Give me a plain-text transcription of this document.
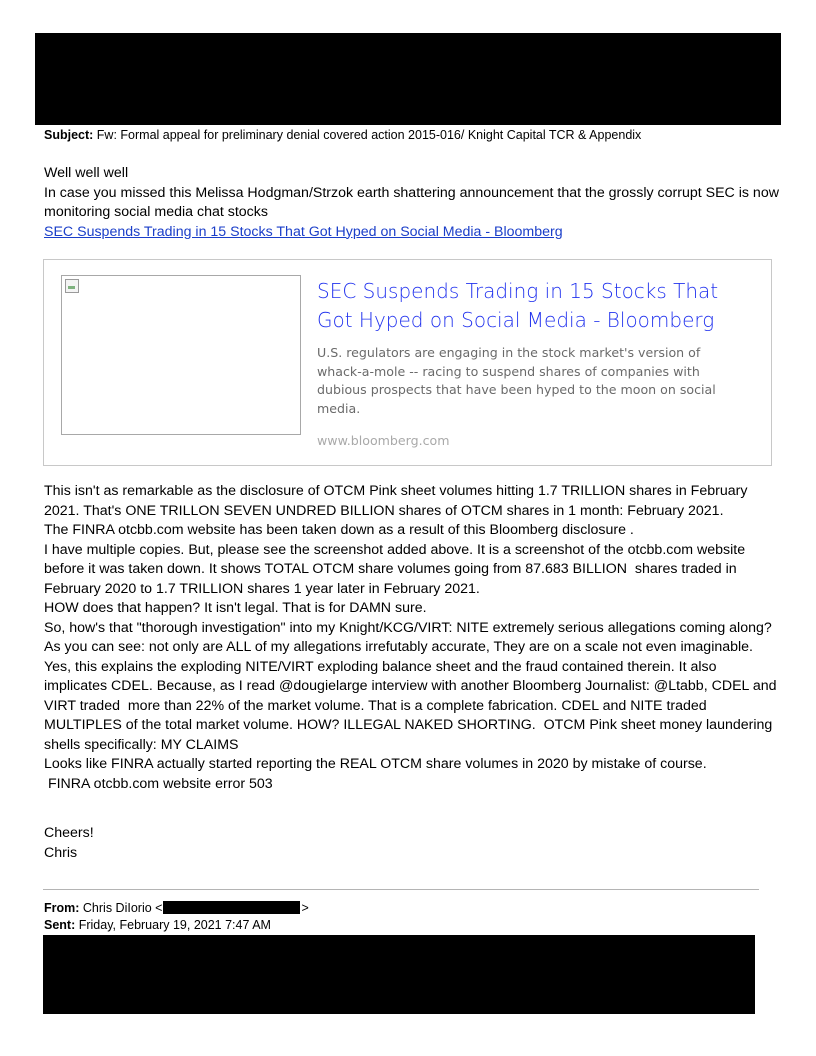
Subject: Fw: Formal appeal for preliminary denial covered action 2015-016/ Knight Capital TCR & Appendix

Well well well

In case you missed this Melissa Hodgman/Strzok earth shattering announcement that the grossly corrupt SEC is now monitoring social media chat stocks

SEC Suspends Trading in 15 Stocks That Got Hyped on Social Media - Bloomberg

SEC Suspends Trading in 15 Stocks That Got Hyped on Social Media - Bloomberg
U.S. regulators are engaging in the stock market's version of whack-a-mole -- racing to suspend shares of companies with dubious prospects that have been hyped to the moon on social media.
www.bloomberg.com

This isn't as remarkable as the disclosure of OTCM Pink sheet volumes hitting 1.7 TRILLION shares in February 2021. That's ONE TRILLON SEVEN UNDRED BILLION shares of OTCM shares in 1 month: February 2021.

The FINRA otcbb.com website has been taken down as a result of this Bloomberg disclosure .

I have multiple copies. But, please see the screenshot added above. It is a screenshot of the otcbb.com website before it was taken down. It shows TOTAL OTCM share volumes going from 87.683 BILLION  shares traded in February 2020 to 1.7 TRILLION shares 1 year later in February 2021.

HOW does that happen? It isn't legal. That is for DAMN sure.

So, how's that "thorough investigation" into my Knight/KCG/VIRT: NITE extremely serious allegations coming along? As you can see: not only are ALL of my allegations irrefutably accurate, They are on a scale not even imaginable. Yes, this explains the exploding NITE/VIRT exploding balance sheet and the fraud contained therein. It also implicates CDEL. Because, as I read @dougielarge interview with another Bloomberg Journalist: @Ltabb, CDEL and VIRT traded  more than 22% of the market volume. That is a complete fabrication. CDEL and NITE traded MULTIPLES of the total market volume. HOW? ILLEGAL NAKED SHORTING.  OTCM Pink sheet money laundering shells specifically: MY CLAIMS

Looks like FINRA actually started reporting the REAL OTCM share volumes in 2020 by mistake of course.

FINRA otcbb.com website error 503

Cheers!

Chris

From: Chris DiIorio <	>

Sent: Friday, February 19, 2021 7:47 AM
